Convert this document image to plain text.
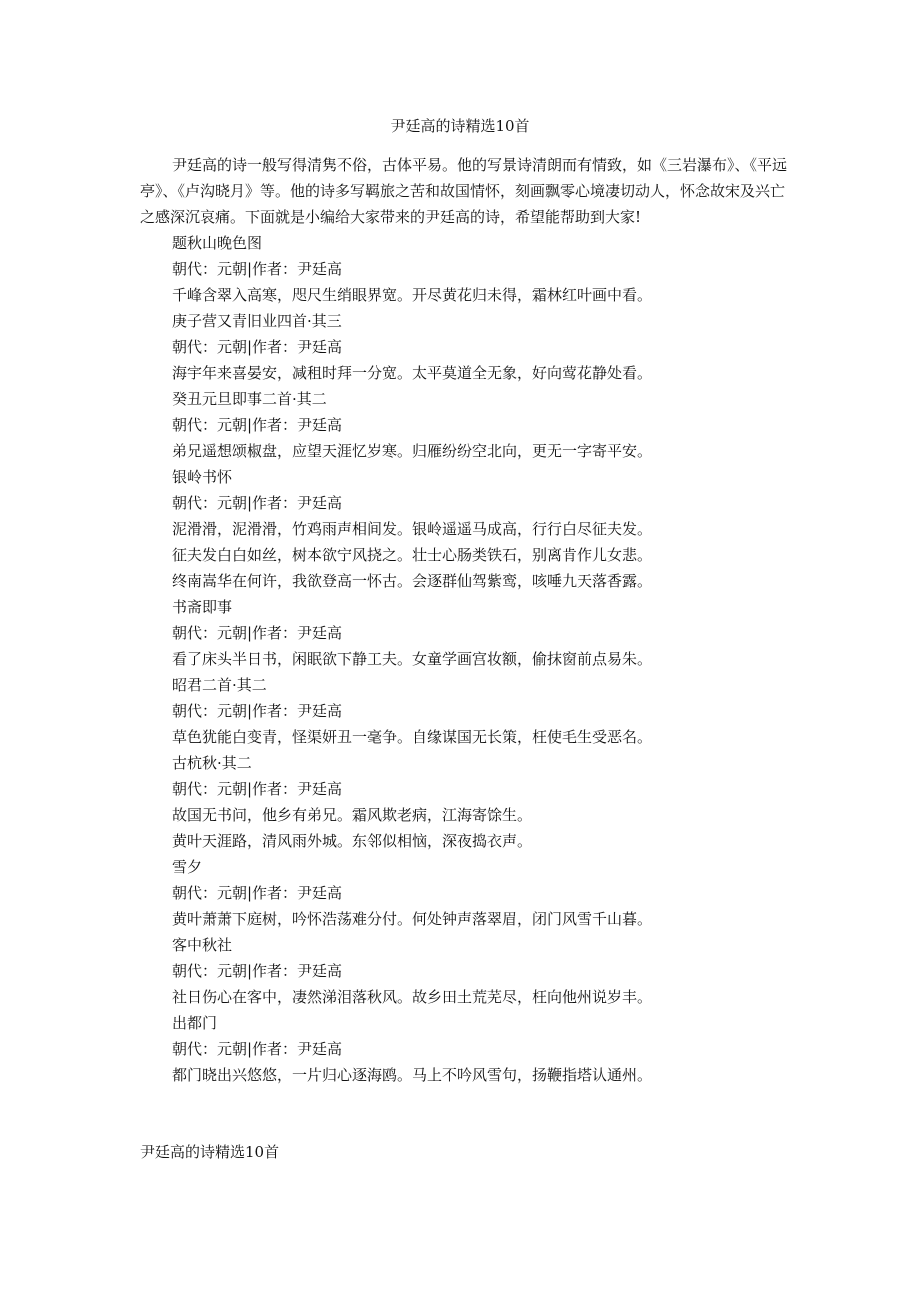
尹廷高的诗精选10首

尹廷高的诗一般写得清隽不俗，古体平易。他的写景诗清朗而有情致，如《三岩瀑布》、《平远亭》、《卢沟晓月》等。他的诗多写羁旅之苦和故国情怀，刻画飘零心境凄切动人，怀念故宋及兴亡之感深沉哀痛。下面就是小编给大家带来的尹廷高的诗，希望能帮助到大家!

题秋山晚色图
朝代：元朝|作者：尹廷高
千峰含翠入高寒，咫尺生绡眼界宽。开尽黄花归未得，霜林红叶画中看。
庚子营又青旧业四首·其三
朝代：元朝|作者：尹廷高
海宇年来喜晏安，减租时拜一分宽。太平莫道全无象，好向莺花静处看。
癸丑元旦即事二首·其二
朝代：元朝|作者：尹廷高
弟兄遥想颂椒盘，应望天涯忆岁寒。归雁纷纷空北向，更无一字寄平安。
银岭书怀
朝代：元朝|作者：尹廷高
泥滑滑，泥滑滑，竹鸡雨声相间发。银岭遥遥马成高，行行白尽征夫发。
征夫发白白如丝，树本欲宁风挠之。壮士心肠类铁石，别离肯作儿女悲。
终南嵩华在何许，我欲登高一怀古。会逐群仙驾紫鸾，咳唾九天落香露。
书斋即事
朝代：元朝|作者：尹廷高
看了床头半日书，闲眠欲下静工夫。女童学画宫妆额，偷抹窗前点易朱。
昭君二首·其二
朝代：元朝|作者：尹廷高
草色犹能白变青，怪渠妍丑一毫争。自缘谋国无长策，枉使毛生受恶名。
古杭秋·其二
朝代：元朝|作者：尹廷高
故国无书问，他乡有弟兄。霜风欺老病，江海寄馀生。
黄叶天涯路，清风雨外城。东邻似相恼，深夜捣衣声。
雪夕
朝代：元朝|作者：尹廷高
黄叶萧萧下庭树，吟怀浩荡难分付。何处钟声落翠眉，闭门风雪千山暮。
客中秋社
朝代：元朝|作者：尹廷高
社日伤心在客中，凄然涕泪落秋风。故乡田土荒芜尽，枉向他州说岁丰。
出都门
朝代：元朝|作者：尹廷高
都门晓出兴悠悠，一片归心逐海鸥。马上不吟风雪句，扬鞭指塔认通州。
尹廷高的诗精选10首
